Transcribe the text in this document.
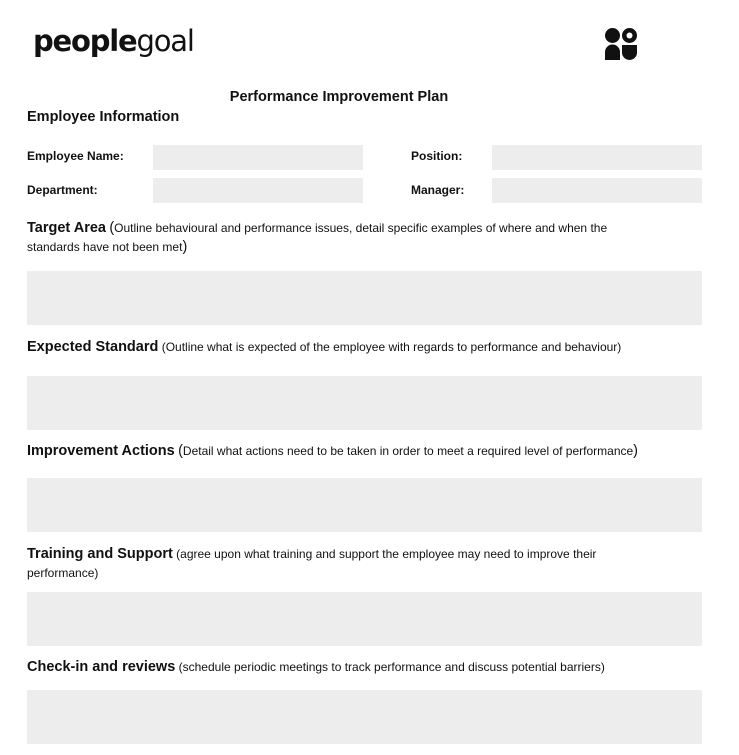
peoplegoal
Performance Improvement Plan
Employee Information
Employee Name:	Position:
Department:	Manager:
Target Area (Outline behavioural and performance issues, detail specific examples of where and when the standards have not been met)
Expected Standard (Outline what is expected of the employee with regards to performance and behaviour)
Improvement Actions (Detail what actions need to be taken in order to meet a required level of performance)
Training and Support (agree upon what training and support the employee may need to improve their performance)
Check-in and reviews (schedule periodic meetings to track performance and discuss potential barriers)
